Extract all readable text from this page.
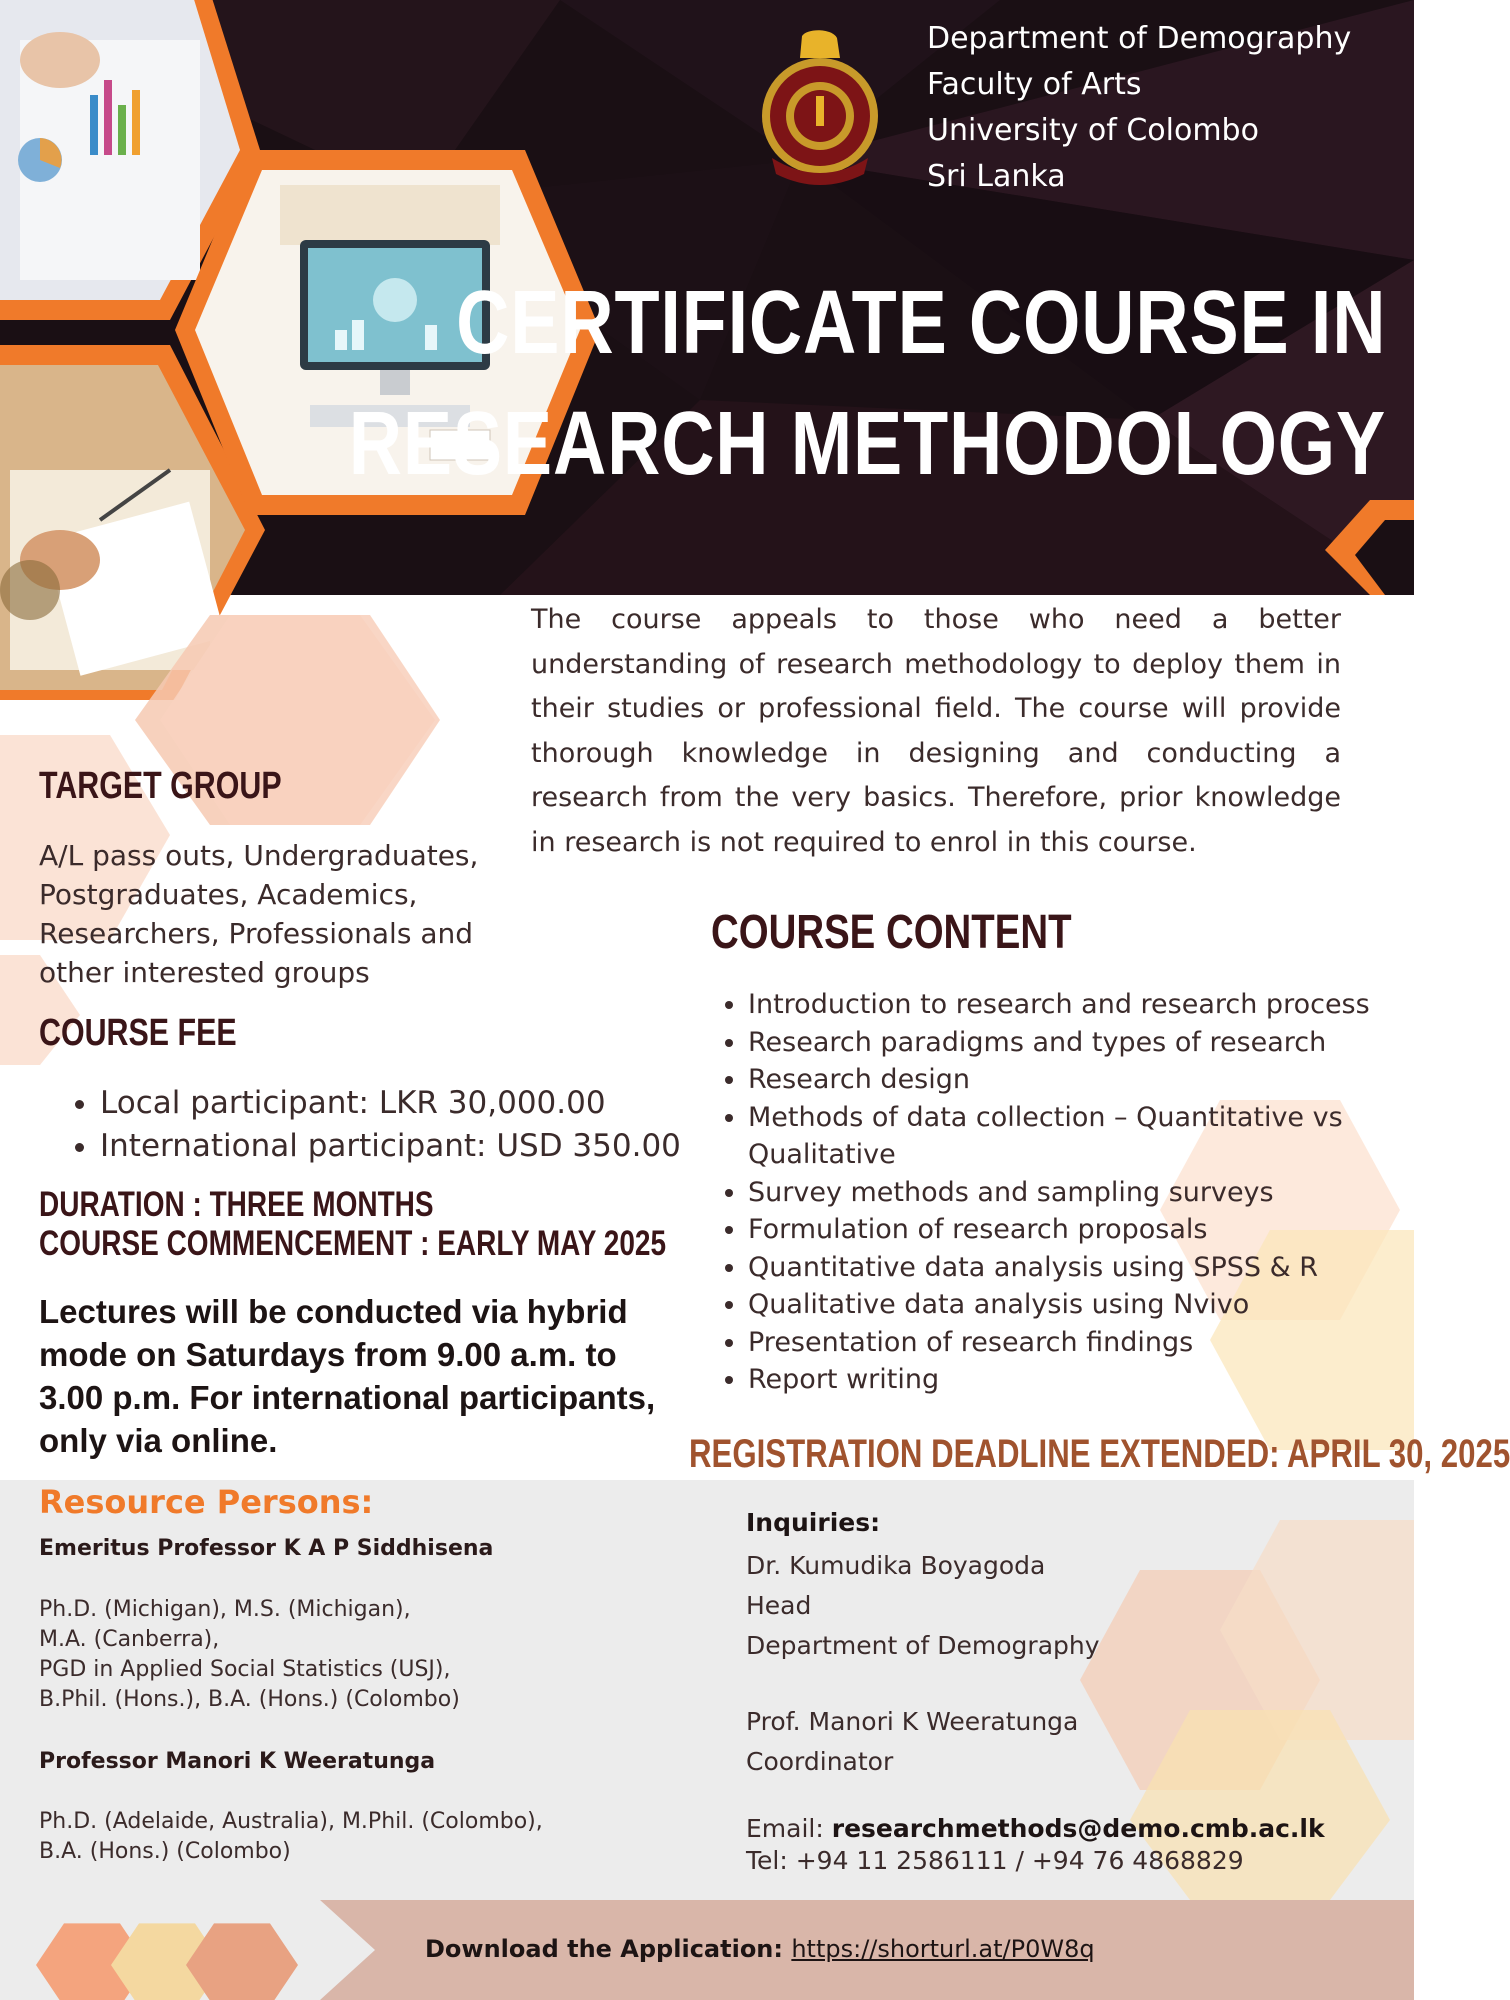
Department of Demography
Faculty of Arts
University of Colombo
Sri Lanka
CERTIFICATE COURSE IN
RESEARCH METHODOLOGY
The course appeals to those who need a better understanding of research methodology to deploy them in their studies or professional field. The course will provide thorough knowledge in designing and conducting a research from the very basics. Therefore, prior knowledge in research is not required to enrol in this course.
TARGET GROUP
A/L pass outs, Undergraduates, Postgraduates, Academics, Researchers, Professionals and other interested groups
COURSE FEE
• Local participant: LKR 30,000.00
• International participant: USD 350.00
DURATION : THREE MONTHS
COURSE COMMENCEMENT : EARLY MAY 2025
Lectures will be conducted via hybrid mode on Saturdays from 9.00 a.m. to 3.00 p.m. For international participants, only via online.
COURSE CONTENT
• Introduction to research and research process
• Research paradigms and types of research
• Research design
• Methods of data collection – Quantitative vs Qualitative
• Survey methods and sampling surveys
• Formulation of research proposals
• Quantitative data analysis using SPSS & R
• Qualitative data analysis using Nvivo
• Presentation of research findings
• Report writing
REGISTRATION DEADLINE EXTENDED: APRIL 30, 2025
Resource Persons:
Emeritus Professor K A P Siddhisena
Ph.D. (Michigan), M.S. (Michigan),
M.A. (Canberra),
PGD in Applied Social Statistics (USJ),
B.Phil. (Hons.), B.A. (Hons.) (Colombo)
Professor Manori K Weeratunga
Ph.D. (Adelaide, Australia), M.Phil. (Colombo),
B.A. (Hons.) (Colombo)
Inquiries:
Dr. Kumudika Boyagoda
Head
Department of Demography
Prof. Manori K Weeratunga
Coordinator
Email: researchmethods@demo.cmb.ac.lk
Tel: +94 11 2586111 / +94 76 4868829
Download the Application: https://shorturl.at/P0W8q
